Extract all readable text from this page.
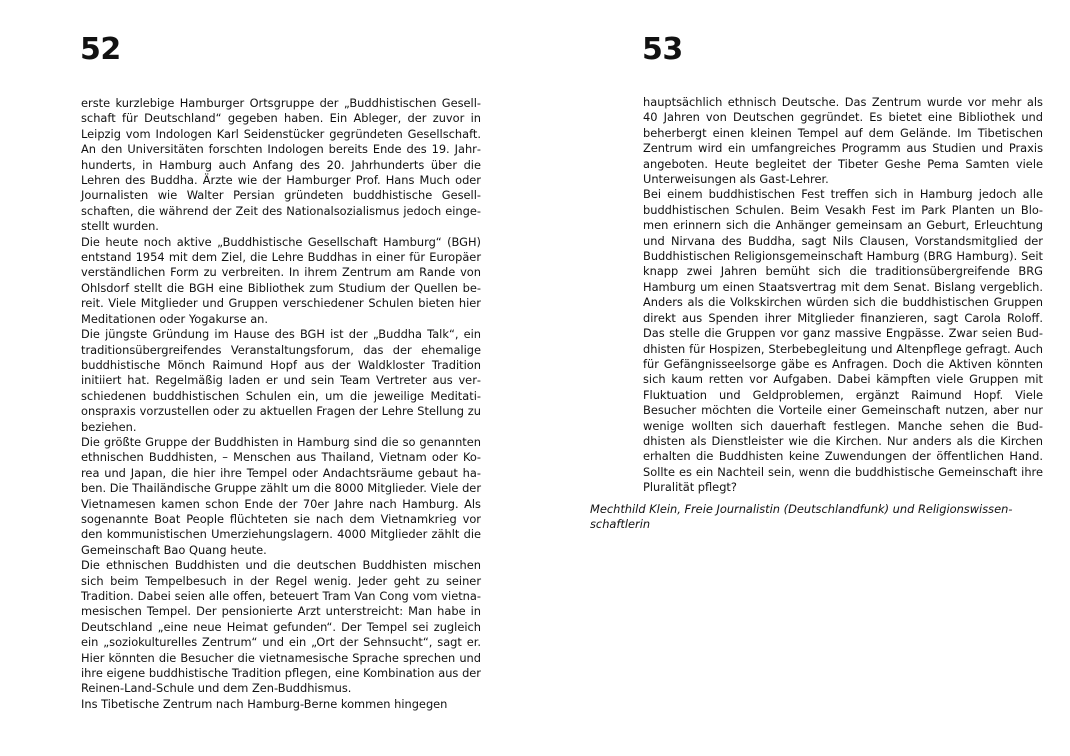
52

erste kurzlebige Hamburger Ortsgruppe der „Buddhistischen Gesellschaft für Deutschland“ gegeben haben. Ein Ableger, der zuvor in Leipzig vom Indologen Karl Seidenstücker gegründeten Gesellschaft. An den Universitäten forschten Indologen bereits Ende des 19. Jahrhunderts, in Hamburg auch Anfang des 20. Jahrhunderts über die Lehren des Buddha. Ärzte wie der Hamburger Prof. Hans Much oder Journalisten wie Walter Persian gründeten buddhistische Gesellschaften, die während der Zeit des Nationalsozialismus jedoch eingestellt wurden.

Die heute noch aktive „Buddhistische Gesellschaft Hamburg“ (BGH) entstand 1954 mit dem Ziel, die Lehre Buddhas in einer für Europäer verständlichen Form zu verbreiten. In ihrem Zentrum am Rande von Ohlsdorf stellt die BGH eine Bibliothek zum Studium der Quellen bereit. Viele Mitglieder und Gruppen verschiedener Schulen bieten hier Meditationen oder Yogakurse an.

Die jüngste Gründung im Hause des BGH ist der „Buddha Talk“, ein traditionsübergreifendes Veranstaltungsforum, das der ehemalige buddhistische Mönch Raimund Hopf aus der Waldkloster Tradition initiiert hat. Regelmäßig laden er und sein Team Vertreter aus verschiedenen buddhistischen Schulen ein, um die jeweilige Meditationspraxis vorzustellen oder zu aktuellen Fragen der Lehre Stellung zu beziehen.

Die größte Gruppe der Buddhisten in Hamburg sind die so genannten ethnischen Buddhisten, – Menschen aus Thailand, Vietnam oder Korea und Japan, die hier ihre Tempel oder Andachtsräume gebaut haben. Die Thailändische Gruppe zählt um die 8000 Mitglieder. Viele der Vietnamesen kamen schon Ende der 70er Jahre nach Hamburg. Als sogenannte Boat People flüchteten sie nach dem Vietnamkrieg vor den kommunistischen Umerziehungslagern. 4000 Mitglieder zählt die Gemeinschaft Bao Quang heute.

Die ethnischen Buddhisten und die deutschen Buddhisten mischen sich beim Tempelbesuch in der Regel wenig. Jeder geht zu seiner Tradition. Dabei seien alle offen, beteuert Tram Van Cong vom vietnamesischen Tempel. Der pensionierte Arzt unterstreicht: Man habe in Deutschland „eine neue Heimat gefunden“. Der Tempel sei zugleich ein „soziokulturelles Zentrum“ und ein „Ort der Sehnsucht“, sagt er. Hier könnten die Besucher die vietnamesische Sprache sprechen und ihre eigene buddhistische Tradition pflegen, eine Kombination aus der Reinen-Land-Schule und dem Zen-Buddhismus.

Ins Tibetische Zentrum nach Hamburg-Berne kommen hingegen

53

hauptsächlich ethnisch Deutsche. Das Zentrum wurde vor mehr als 40 Jahren von Deutschen gegründet. Es bietet eine Bibliothek und beherbergt einen kleinen Tempel auf dem Gelände. Im Tibetischen Zentrum wird ein umfangreiches Programm aus Studien und Praxis angeboten. Heute begleitet der Tibeter Geshe Pema Samten viele Unterweisungen als Gast-Lehrer.

Bei einem buddhistischen Fest treffen sich in Hamburg jedoch alle buddhistischen Schulen. Beim Vesakh Fest im Park Planten un Blomen erinnern sich die Anhänger gemeinsam an Geburt, Erleuchtung und Nirvana des Buddha, sagt Nils Clausen, Vorstandsmitglied der Buddhistischen Religionsgemeinschaft Hamburg (BRG Hamburg). Seit knapp zwei Jahren bemüht sich die traditionsübergreifende BRG Hamburg um einen Staatsvertrag mit dem Senat. Bislang vergeblich. Anders als die Volkskirchen würden sich die buddhistischen Gruppen direkt aus Spenden ihrer Mitglieder finanzieren, sagt Carola Roloff. Das stelle die Gruppen vor ganz massive Engpässe. Zwar seien Buddhisten für Hospizen, Sterbebegleitung und Altenpflege gefragt. Auch für Gefängnisseelsorge gäbe es Anfragen. Doch die Aktiven könnten sich kaum retten vor Aufgaben. Dabei kämpften viele Gruppen mit Fluktuation und Geldproblemen, ergänzt Raimund Hopf. Viele Besucher möchten die Vorteile einer Gemeinschaft nutzen, aber nur wenige wollten sich dauerhaft festlegen. Manche sehen die Buddhisten als Dienstleister wie die Kirchen. Nur anders als die Kirchen erhalten die Buddhisten keine Zuwendungen der öffentlichen Hand. Sollte es ein Nachteil sein, wenn die buddhistische Gemeinschaft ihre Pluralität pflegt?

Mechthild Klein, Freie Journalistin (Deutschlandfunk) und Religionswissenschaftlerin
